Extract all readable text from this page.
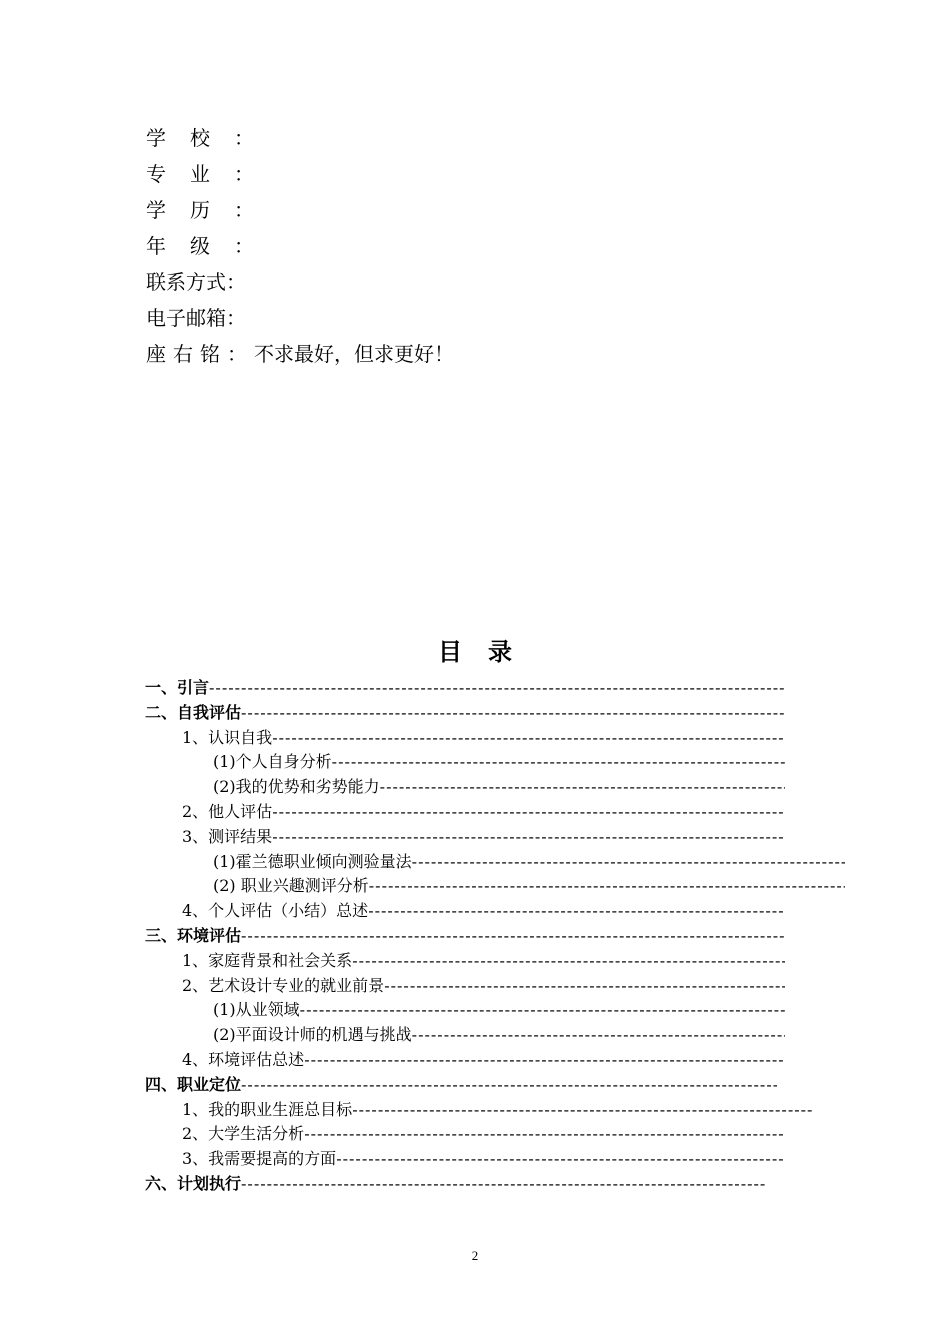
学校：
专业：
学历：
年级：
联系方式：
电子邮箱：
座右铭：不求最好，但求更好！
目录
一、引言
-----
二、自我评估
-----
1、认识自我
-----
(1)个人自身分析
-----
(2)我的优势和劣势能力
-----
2、他人评估
-----
3、测评结果
-----
(1)霍兰德职业倾向测验量法
-----
(2) 职业兴趣测评分析
-----
4、个人评估（小结）总述
-----
三、环境评估
-----
1、家庭背景和社会关系
-----
2、艺术设计专业的就业前景
-----
(1)从业领域
-----
(2)平面设计师的机遇与挑战
-----
4、环境评估总述
-----
四、职业定位
-----
1、我的职业生涯总目标
-----
2、大学生活分析
-----
3、我需要提高的方面
-----
六、计划执行
-----
2
